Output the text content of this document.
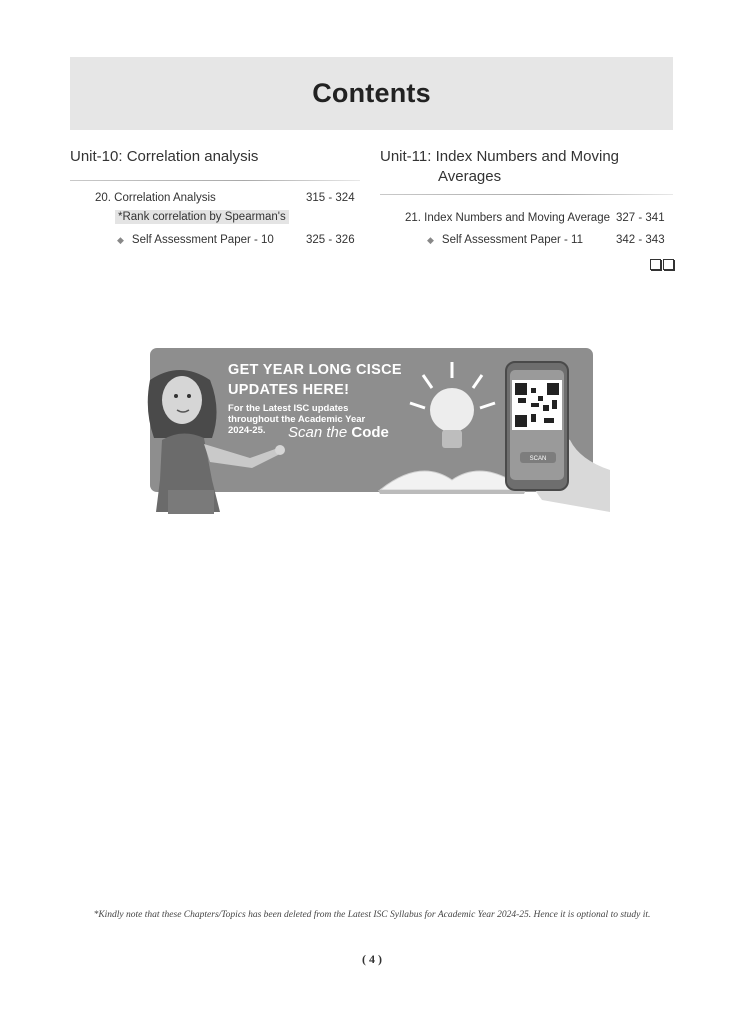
Contents
Unit-10: Correlation analysis
20. Correlation Analysis	315 - 324
*Rank correlation by Spearman's
◆ Self Assessment Paper - 10	325 - 326
Unit-11: Index Numbers and Moving
Averages
21. Index Numbers and Moving Average 327 - 341
◆ Self Assessment Paper - 11	342 - 343
SCAN
GET YEAR LONG CISCE
UPDATES HERE!
For the Latest ISC updates throughout the Academic Year 2024-25.	Scan the Code
*Kindly note that these Chapters/Topics has been deleted from the Latest ISC Syllabus for Academic Year 2024-25. Hence it is optional to study it.
( 4 )
